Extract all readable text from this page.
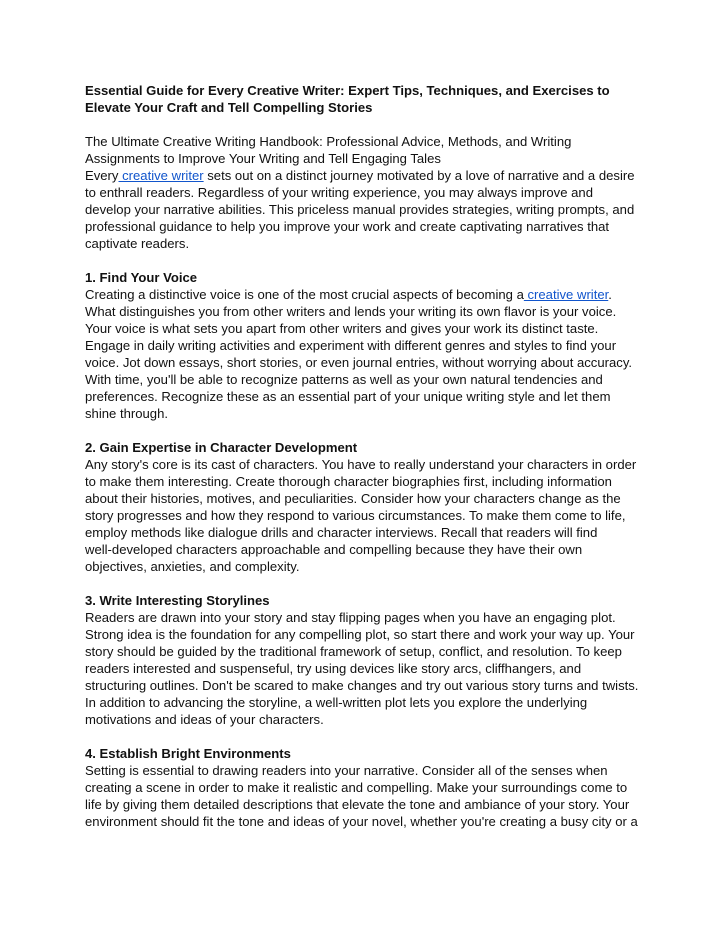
Essential Guide for Every Creative Writer: Expert Tips, Techniques, and Exercises to
Elevate Your Craft and Tell Compelling Stories
The Ultimate Creative Writing Handbook: Professional Advice, Methods, and Writing
Assignments to Improve Your Writing and Tell Engaging Tales
Every creative writer sets out on a distinct journey motivated by a love of narrative and a desire
to enthrall readers. Regardless of your writing experience, you may always improve and
develop your narrative abilities. This priceless manual provides strategies, writing prompts, and
professional guidance to help you improve your work and create captivating narratives that
captivate readers.
1. Find Your Voice
Creating a distinctive voice is one of the most crucial aspects of becoming a creative writer.
What distinguishes you from other writers and lends your writing its own flavor is your voice.
Your voice is what sets you apart from other writers and gives your work its distinct taste.
Engage in daily writing activities and experiment with different genres and styles to find your
voice. Jot down essays, short stories, or even journal entries, without worrying about accuracy.
With time, you'll be able to recognize patterns as well as your own natural tendencies and
preferences. Recognize these as an essential part of your unique writing style and let them
shine through.
2. Gain Expertise in Character Development
Any story's core is its cast of characters. You have to really understand your characters in order
to make them interesting. Create thorough character biographies first, including information
about their histories, motives, and peculiarities. Consider how your characters change as the
story progresses and how they respond to various circumstances. To make them come to life,
employ methods like dialogue drills and character interviews. Recall that readers will find
well-developed characters approachable and compelling because they have their own
objectives, anxieties, and complexity.
3. Write Interesting Storylines
Readers are drawn into your story and stay flipping pages when you have an engaging plot.
Strong idea is the foundation for any compelling plot, so start there and work your way up. Your
story should be guided by the traditional framework of setup, conflict, and resolution. To keep
readers interested and suspenseful, try using devices like story arcs, cliffhangers, and
structuring outlines. Don't be scared to make changes and try out various story turns and twists.
In addition to advancing the storyline, a well-written plot lets you explore the underlying
motivations and ideas of your characters.
4. Establish Bright Environments
Setting is essential to drawing readers into your narrative. Consider all of the senses when
creating a scene in order to make it realistic and compelling. Make your surroundings come to
life by giving them detailed descriptions that elevate the tone and ambiance of your story. Your
environment should fit the tone and ideas of your novel, whether you're creating a busy city or a
